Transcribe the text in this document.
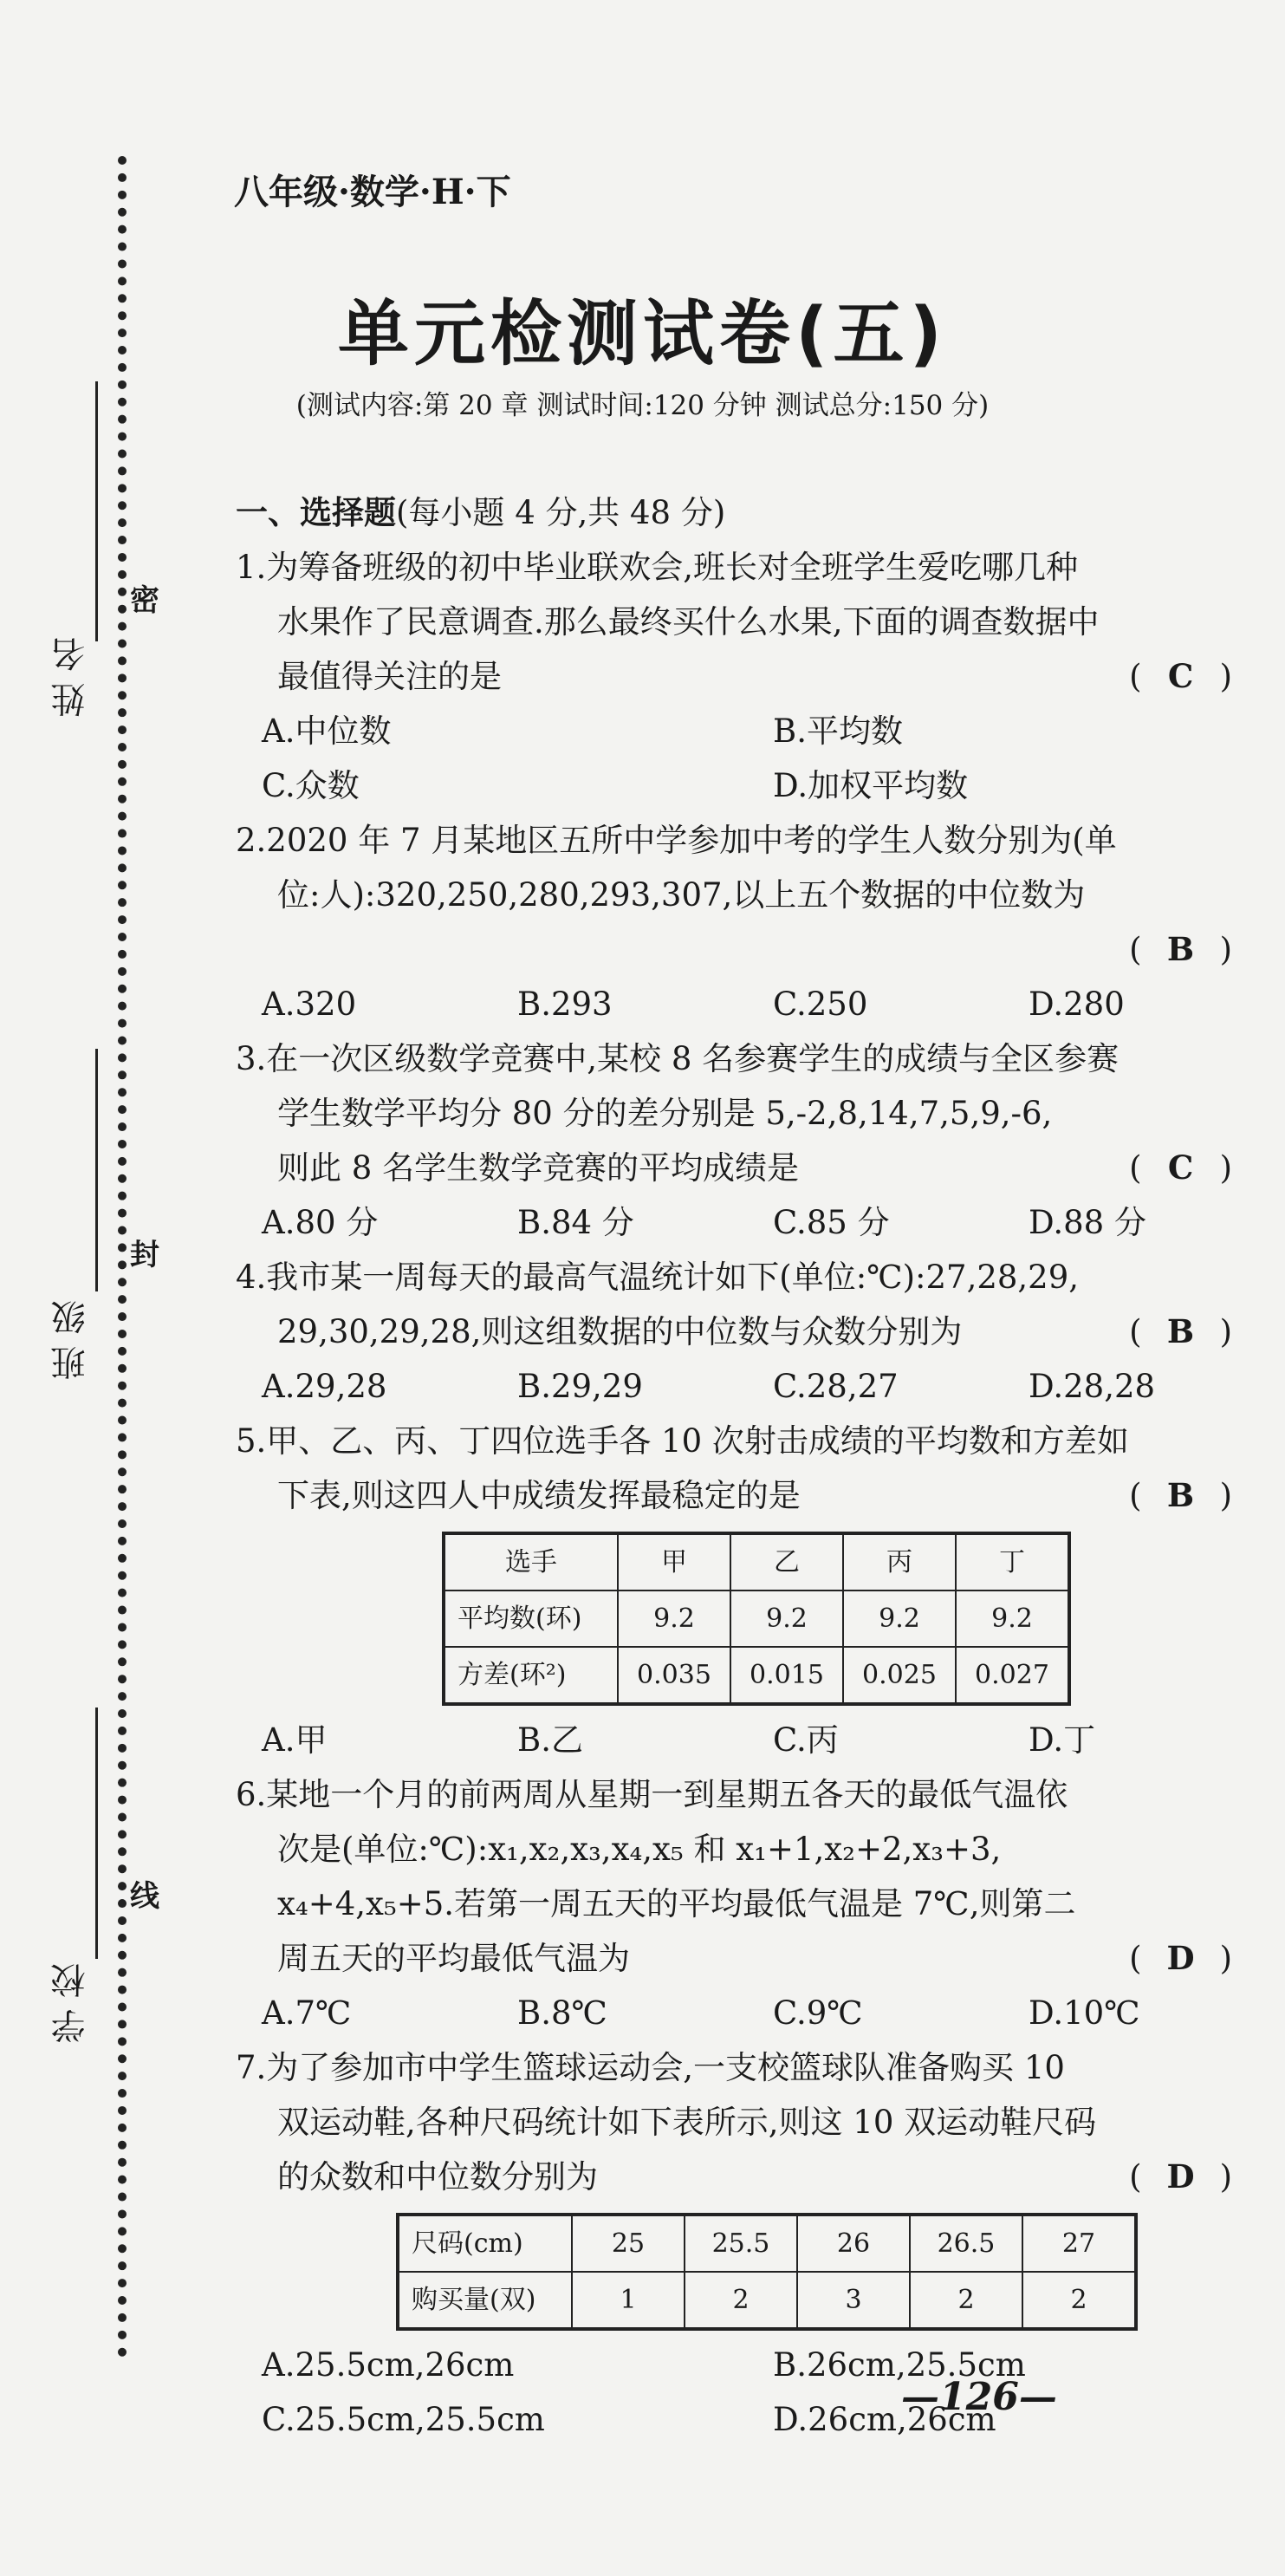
密
封
线
姓 名
班 级
学 校
八年级·数学·H·下
单元检测试卷(五)
(测试内容:第 20 章 测试时间:120 分钟 测试总分:150 分)
一、选择题(每小题 4 分,共 48 分)
1.为筹备班级的初中毕业联欢会,班长对全班学生爱吃哪几种
水果作了民意调查.那么最终买什么水果,下面的调查数据中
最值得关注的是	( C )
A.中位数	B.平均数
C.众数	D.加权平均数
2.2020 年 7 月某地区五所中学参加中考的学生人数分别为(单
位:人):320,250,280,293,307,以上五个数据的中位数为
( B )
A.320	B.293	C.250	D.280
3.在一次区级数学竞赛中,某校 8 名参赛学生的成绩与全区参赛
学生数学平均分 80 分的差分别是 5,-2,8,14,7,5,9,-6,
则此 8 名学生数学竞赛的平均成绩是	( C )
A.80 分	B.84 分	C.85 分	D.88 分
4.我市某一周每天的最高气温统计如下(单位:℃):27,28,29,
29,30,29,28,则这组数据的中位数与众数分别为	( B )
A.29,28	B.29,29	C.28,27	D.28,28
5.甲、乙、丙、丁四位选手各 10 次射击成绩的平均数和方差如
下表,则这四人中成绩发挥最稳定的是	( B )
选手	甲	乙	丙	丁
平均数(环)	9.2	9.2	9.2	9.2
方差(环²)	0.035	0.015	0.025	0.027
A.甲	B.乙	C.丙	D.丁
6.某地一个月的前两周从星期一到星期五各天的最低气温依
次是(单位:℃):x₁,x₂,x₃,x₄,x₅ 和 x₁+1,x₂+2,x₃+3,
x₄+4,x₅+5.若第一周五天的平均最低气温是 7℃,则第二
周五天的平均最低气温为	( D )
A.7℃	B.8℃	C.9℃	D.10℃
7.为了参加市中学生篮球运动会,一支校篮球队准备购买 10
双运动鞋,各种尺码统计如下表所示,则这 10 双运动鞋尺码
的众数和中位数分别为	( D )
尺码(cm)	25	25.5	26	26.5	27
购买量(双)	1	2	3	2	2
A.25.5cm,26cm	B.26cm,25.5cm
C.25.5cm,25.5cm	D.26cm,26cm
—126—
